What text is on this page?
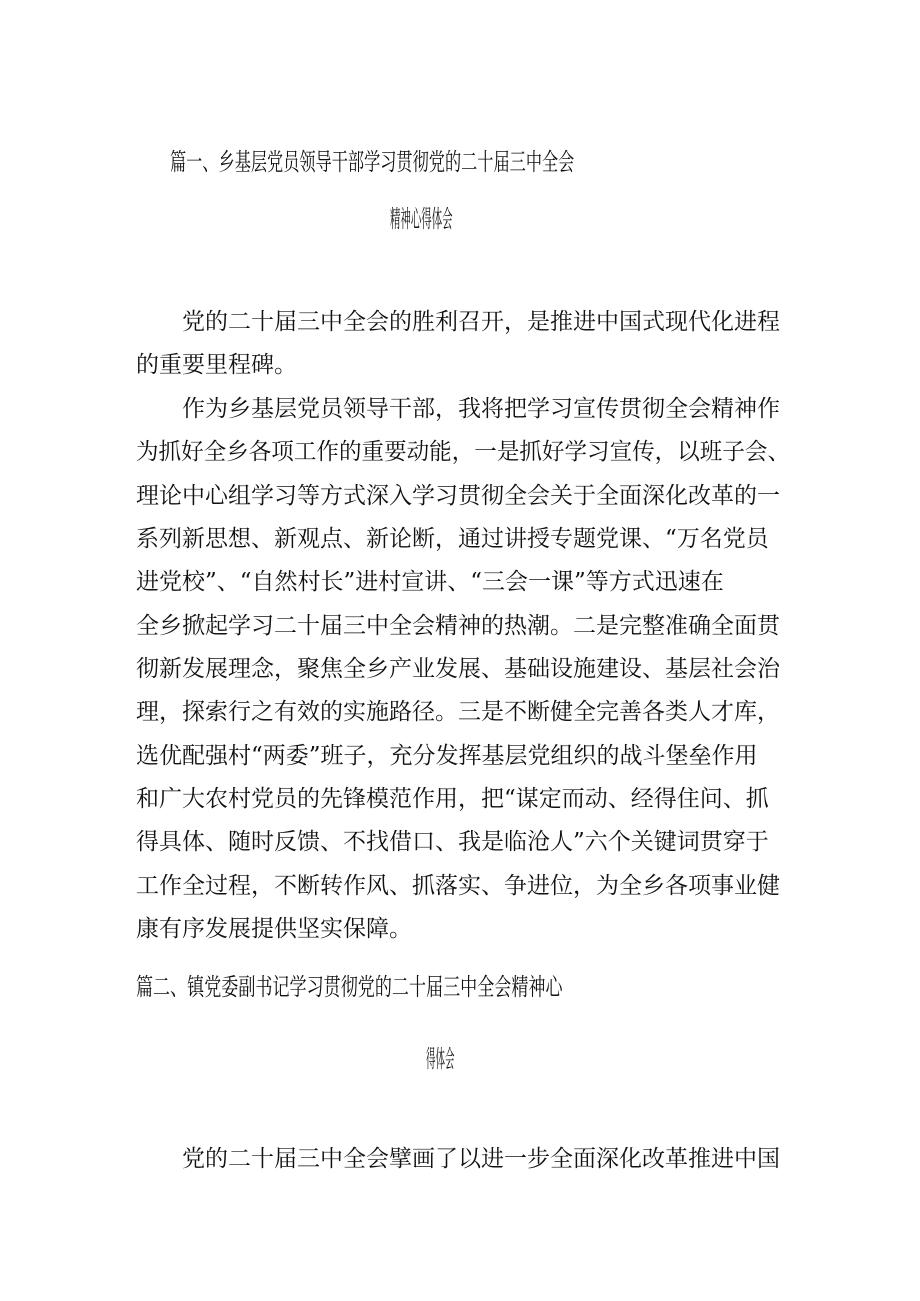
篇一、乡基层党员领导干部学习贯彻党的二十届三中全会
精神心得体会
党的二十届三中全会的胜利召开，是推进中国式现代化进程
的重要里程碑。
作为乡基层党员领导干部，我将把学习宣传贯彻全会精神作
为抓好全乡各项工作的重要动能，一是抓好学习宣传，以班子会、
理论中心组学习等方式深入学习贯彻全会关于全面深化改革的一
系列新思想、新观点、新论断，通过讲授专题党课、“万名党员
进党校”、“自然村长”进村宣讲、“三会一课”等方式迅速在
全乡掀起学习二十届三中全会精神的热潮。二是完整准确全面贯
彻新发展理念，聚焦全乡产业发展、基础设施建设、基层社会治
理，探索行之有效的实施路径。三是不断健全完善各类人才库，
选优配强村“两委”班子，充分发挥基层党组织的战斗堡垒作用
和广大农村党员的先锋模范作用，把“谋定而动、经得住问、抓
得具体、随时反馈、不找借口、我是临沧人”六个关键词贯穿于
工作全过程，不断转作风、抓落实、争进位，为全乡各项事业健
康有序发展提供坚实保障。
篇二、镇党委副书记学习贯彻党的二十届三中全会精神心
得体会
党的二十届三中全会擘画了以进一步全面深化改革推进中国
